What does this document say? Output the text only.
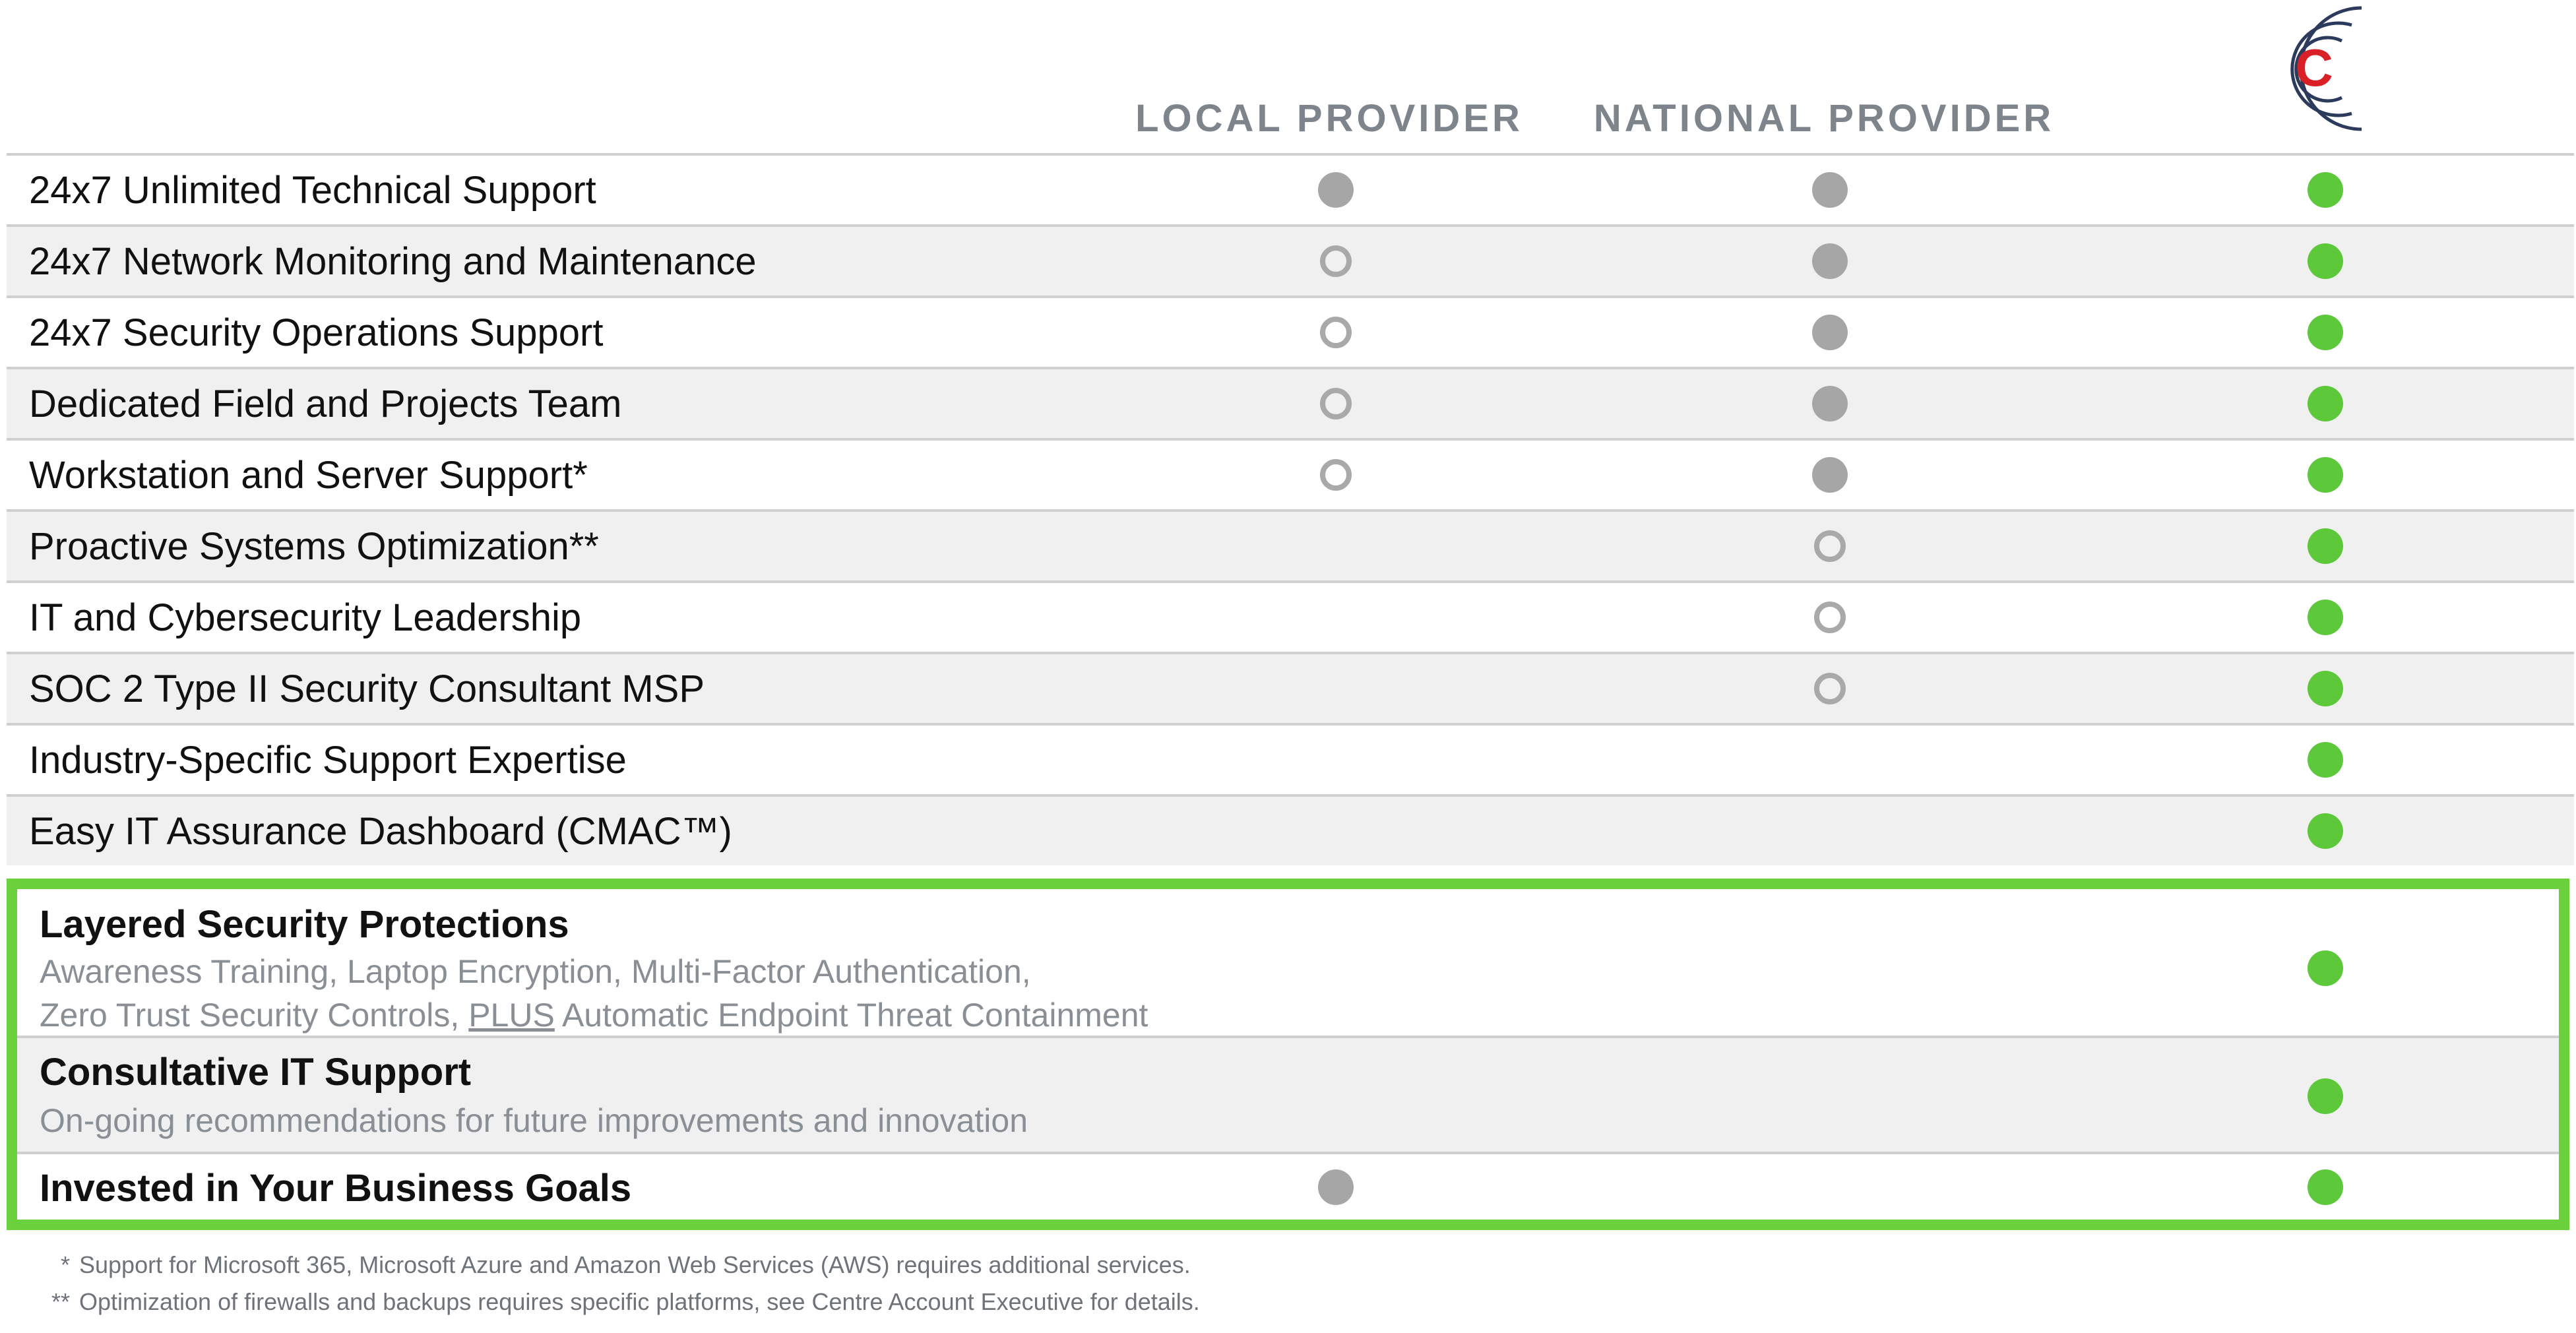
LOCAL PROVIDER NATIONAL PROVIDER
C
24x7 Unlimited Technical Support
24x7 Network Monitoring and Maintenance
24x7 Security Operations Support
Dedicated Field and Projects Team
Workstation and Server Support*
Proactive Systems Optimization**
IT and Cybersecurity Leadership
SOC 2 Type II Security Consultant MSP
Industry-Specific Support Expertise
Easy IT Assurance Dashboard (CMAC™)
Layered Security Protections
Awareness Training, Laptop Encryption, Multi-Factor Authentication,
Zero Trust Security Controls, PLUS Automatic Endpoint Threat Containment
Consultative IT Support
On-going recommendations for future improvements and innovation
Invested in Your Business Goals
* Support for Microsoft 365, Microsoft Azure and Amazon Web Services (AWS) requires additional services.
** Optimization of firewalls and backups requires specific platforms, see Centre Account Executive for details.
